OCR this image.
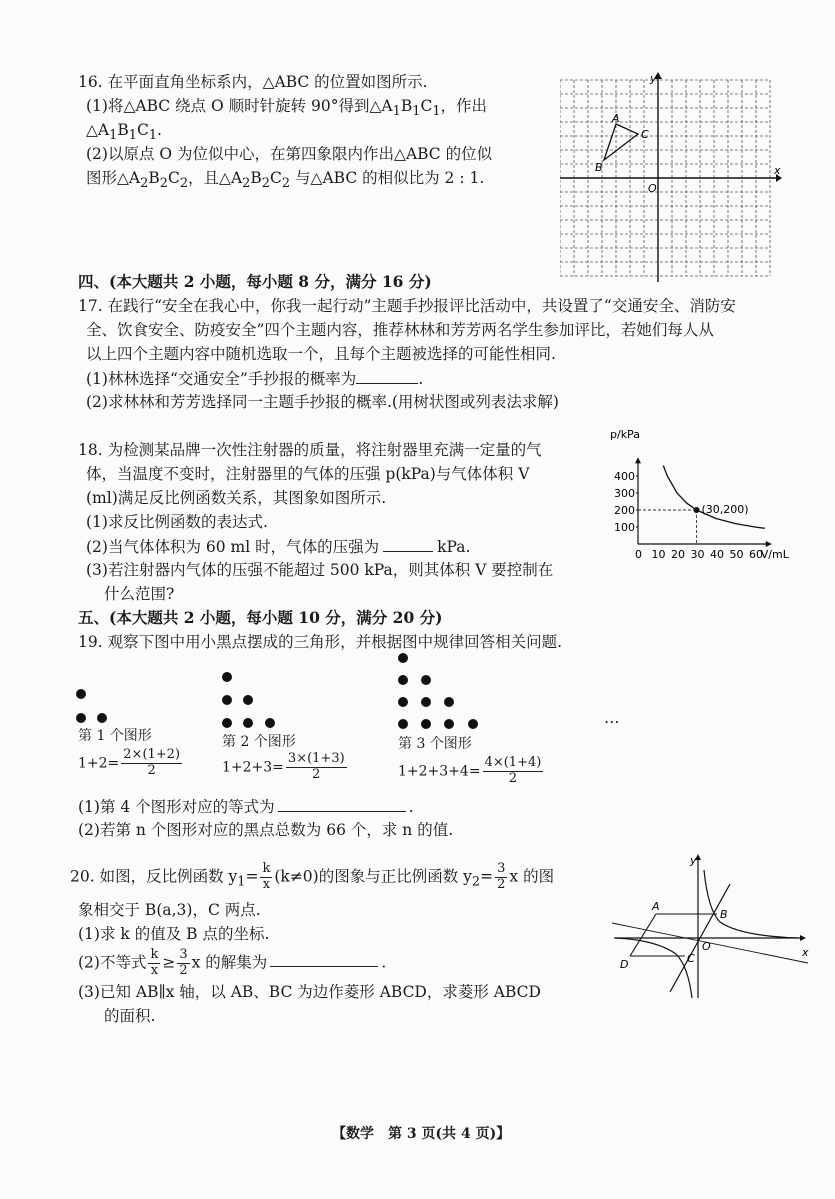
16. 在平面直角坐标系内，△ABC 的位置如图所示.
(1)将△ABC 绕点 O 顺时针旋转 90°得到$\triangle A_1B_1C_1$，作出
$\triangle A_1B_1C_1$.
(2)以原点 O 为位似中心，在第四象限内作出△ABC 的位似
图形$\triangle A_2B_2C_2$，且$\triangle A_2B_2C_2$ 与△ABC 的相似比为 2 : 1.
y
x
O
A
C
B
四、(本大题共 2 小题，每小题 8 分，满分 16 分)
17. 在践行“安全在我心中，你我一起行动”主题手抄报评比活动中，共设置了“交通安全、消防安
全、饮食安全、防疫安全”四个主题内容，推荐林林和芳芳两名学生参加评比，若她们每人从
以上四个主题内容中随机选取一个，且每个主题被选择的可能性相同.
(1)林林选择“交通安全”手抄报的概率为	.
(2)求林林和芳芳选择同一主题手抄报的概率.(用树状图或列表法求解)
18. 为检测某品牌一次性注射器的质量，将注射器里充满一定量的气
体，当温度不变时，注射器里的气体的压强 p(kPa)与气体体积 V
(ml)满足反比例函数关系，其图象如图所示.
(1)求反比例函数的表达式.
(2)当气体体积为 60 ml 时，气体的压强为	kPa.
(3)若注射器内气体的压强不能超过 500 kPa，则其体积 V 要控制在
什么范围?
0 10 20 30 40 50 60
100
200
300
400
(30,200)
p/kPa
V/mL
五、(本大题共 2 小题，每小题 10 分，满分 20 分)
19. 观察下图中用小黑点摆成的三角形，并根据图中规律回答相关问题.
…
第 1 个图形	第 2 个图形	第 3 个图形
$1+2= \frac{2\times(1+2)}{2}$	$1+2+3= \frac{3\times(1+3)}{2}$	$1+2+3+4= \frac{4\times(1+4)}{2}$
(1)第 4 个图形对应的等式为	.
(2)若第 n 个图形对应的黑点总数为 66 个，求 n 的值.
20. 如图，反比例函数 $y_1= \frac{k}{x} (k\ne 0)$的图象与正比例函数 $y_2= \frac{3}{2}$ x 的图
象相交于 B(a,3)，C 两点.
(1)求 k 的值及 B 点的坐标.
(2)不等式 $\frac{k}{x} \ge \frac{3}{2}$ x 的解集为	.
(3)已知 AB∥x 轴，以 AB、BC 为边作菱形 ABCD，求菱形 ABCD
的面积.
y
x
O
A
B
C
D
【数学　第 3 页(共 4 页)】
